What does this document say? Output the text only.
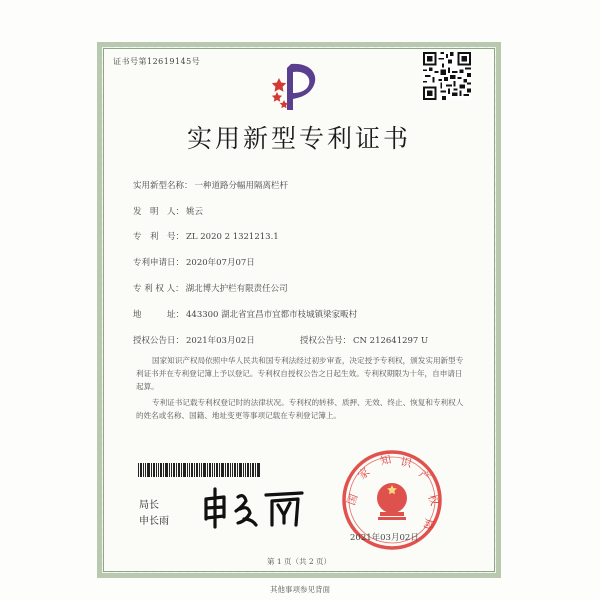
证书号第12619145号
实用新型专利证书
实用新型名称： 一种道路分幅用隔离栏杆
发　明　人： 姚云
专　利　号： ZL 2020 2 1321213.1
专利申请日： 2020年07月07日
专 利 权 人： 湖北博大护栏有限责任公司
地　　　址： 443300 湖北省宜昌市宜都市枝城镇梁家畈村
授权公告日： 2021年03月02日	授权公告号： CN 212641297 U
国家知识产权局依照中华人民共和国专利法经过初步审查，决定授予专利权，颁发实用新型专利证书并在专利登记簿上予以登记。专利权自授权公告之日起生效。专利权期限为十年，自申请日起算。
专利证书记载专利权登记时的法律状况。专利权的转移、质押、无效、终止、恢复和专利权人的姓名或名称、国籍、地址变更等事项记载在专利登记簿上。
局长
申长雨
国
家
知 识
产
权
局
2021年03月02日
第 1 页（共 2 页）
其他事项参见背面
